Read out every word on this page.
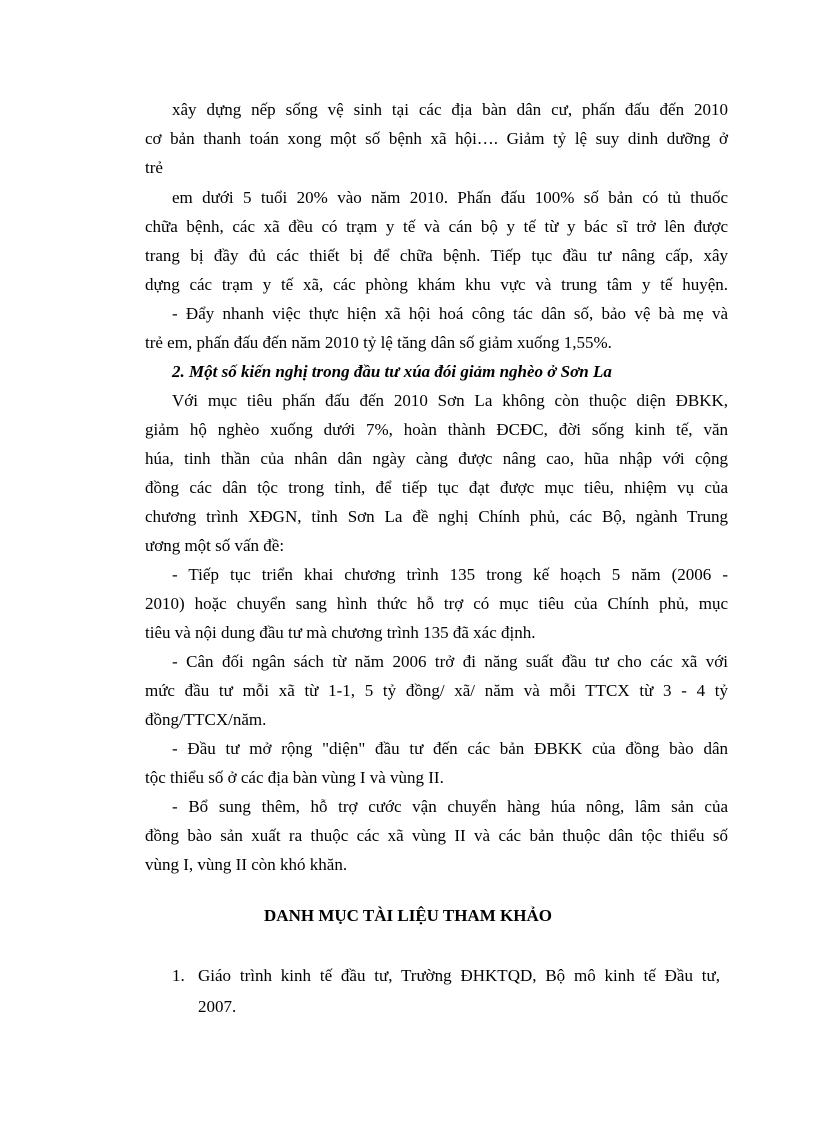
xây dựng nếp sống vệ sinh tại các địa bàn dân cư, phấn đấu đến 2010
cơ bản thanh toán xong một số bệnh xã hội…. Giảm tỷ lệ suy dinh dưỡng ở
trẻ
em dưới 5 tuổi 20% vào năm 2010. Phấn đấu 100% số bản có tủ thuốc
chữa bệnh, các xã đều có trạm y tế và cán bộ y tế từ y bác sĩ trở lên được
trang bị đầy đủ các thiết bị để chữa bệnh. Tiếp tục đầu tư nâng cấp, xây
dựng các trạm y tế xã, các phòng khám khu vực và trung tâm y tế huyện.
- Đẩy nhanh việc thực hiện xã hội hoá công tác dân số, bảo vệ bà mẹ và
trẻ em, phấn đấu đến năm 2010 tỷ lệ tăng dân số giảm xuống 1,55%.
2. Một số kiến nghị trong đầu tư xúa đói giảm nghèo ở Sơn La
Với mục tiêu phấn đấu đến 2010 Sơn La không còn thuộc diện ĐBKK,
giảm hộ nghèo xuống dưới 7%, hoàn thành ĐCĐC, đời sống kinh tế, văn
húa, tinh thần của nhân dân ngày càng được nâng cao, hũa nhập với cộng
đồng các dân tộc trong tỉnh, để tiếp tục đạt được mục tiêu, nhiệm vụ của
chương trình XĐGN, tỉnh Sơn La đề nghị Chính phủ, các Bộ, ngành Trung
ương một số vấn đề:
- Tiếp tục triển khai chương trình 135 trong kế hoạch 5 năm (2006 -
2010) hoặc chuyển sang hình thức hỗ trợ có mục tiêu của Chính phủ, mục
tiêu và nội dung đầu tư mà chương trình 135 đã xác định.
- Cân đối ngân sách từ năm 2006 trở đi năng suất đầu tư cho các xã với
mức đầu tư mỗi xã từ 1-1, 5 tỷ đồng/ xã/ năm và mỗi TTCX từ 3 - 4 tỷ
đồng/TTCX/năm.
- Đầu tư mở rộng "diện" đầu tư đến các bản ĐBKK của đồng bào dân
tộc thiểu số ở các địa bàn vùng I và vùng II.
- Bổ sung thêm, hỗ trợ cước vận chuyển hàng húa nông, lâm sản của
đồng bào sản xuất ra thuộc các xã vùng II và các bản thuộc dân tộc thiểu số
vùng I, vùng II còn khó khăn.
DANH MỤC TÀI LIỆU THAM KHẢO
1. Giáo trình kinh tế đầu tư, Trường ĐHKTQD, Bộ mô kinh tế Đầu tư,
2007.
